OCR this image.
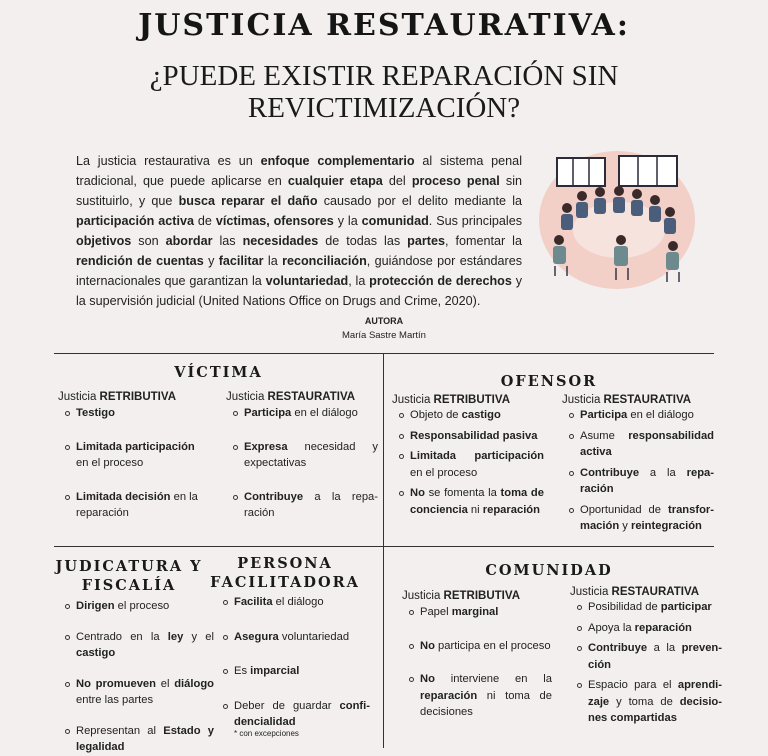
JUSTICIA RESTAURATIVA:
¿PUEDE EXISTIR REPARACIÓN SIN
REVICTIMIZACIÓN?
La justicia restaurativa es un enfoque complementario al sistema penal tradicional, que puede aplicarse en cualquier etapa del proceso penal sin sustituirlo, y que busca reparar el daño causado por el delito mediante la participación activa de víctimas, ofensores y la comunidad. Sus principales objetivos son abordar las necesidades de todas las partes, fomentar la rendición de cuentas y facilitar la reconciliación, guiándose por estándares internacionales que garantizan la voluntariedad, la protección de derechos y la supervisión judicial (United Nations Office on Drugs and Crime, 2020).
AUTORA
María Sastre Martín
VÍCTIMA
Justicia RETRIBUTIVA
Testigo
Limitada participación en el proceso
Limitada decisión en la reparación
Justicia RESTAURATIVA
Participa en el diálogo
Expresa necesidad y expectativas
Contribuye a la repa-ración
OFENSOR
Justicia RETRIBUTIVA
Objeto de castigo
Responsabilidad pasiva
Limitada participación en el proceso
No se fomenta la toma de conciencia ni reparación
Justicia RESTAURATIVA
Participa en el diálogo
Asume responsabilidad activa
Contribuye a la repa-ración
Oportunidad de transfor-mación y reintegración
JUDICATURA Y FISCALÍA
Dirigen el proceso
Centrado en la ley y el castigo
No promueven el diálogo entre las partes
Representan al Estado y legalidad
PERSONA FACILITADORA
Facilita el diálogo
Asegura voluntariedad
Es imparcial
Deber de guardar confi-dencialidad
* con excepciones
COMUNIDAD
Justicia RETRIBUTIVA
Papel marginal
No participa en el proceso
No interviene en la reparación ni toma de decisiones
Justicia RESTAURATIVA
Posibilidad de participar
Apoya la reparación
Contribuye a la preven-ción
Espacio para el aprendi-zaje y toma de decisio-nes compartidas
